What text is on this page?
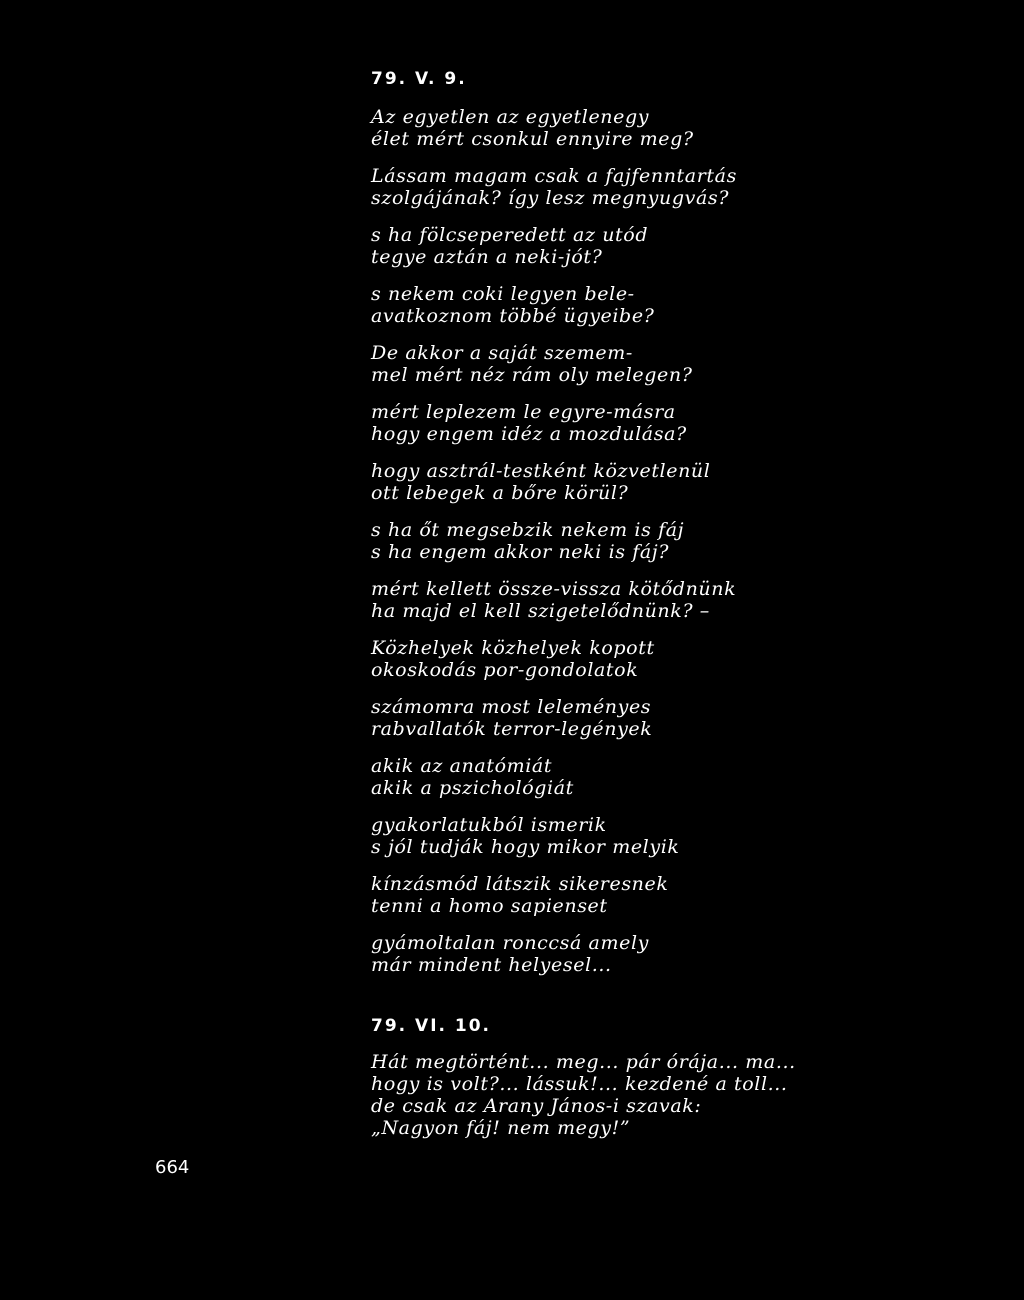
79. V. 9.
Az egyetlen az egyetlenegy
élet mért csonkul ennyire meg?
Lássam magam csak a fajfenntartás
szolgájának? így lesz megnyugvás?
s ha fölcseperedett az utód
tegye aztán a neki-jót?
s nekem coki legyen bele-
avatkoznom többé ügyeibe?
De akkor a saját szemem-
mel mért néz rám oly melegen?
mért leplezem le egyre-másra
hogy engem idéz a mozdulása?
hogy asztrál-testként közvetlenül
ott lebegek a bőre körül?
s ha őt megsebzik nekem is fáj
s ha engem akkor neki is fáj?
mért kellett össze-vissza kötődnünk
ha majd el kell szigetelődnünk? –
Közhelyek közhelyek kopott
okoskodás por-gondolatok
számomra most leleményes
rabvallatók terror-legények
akik az anatómiát
akik a pszichológiát
gyakorlatukból ismerik
s jól tudják hogy mikor melyik
kínzásmód látszik sikeresnek
tenni a homo sapienset
gyámoltalan ronccsá amely
már mindent helyesel...
79. VI. 10.
Hát megtörtént... meg... pár órája... ma...
hogy is volt?... lássuk!... kezdené a toll...
de csak az Arany János-i szavak:
„Nagyon fáj! nem megy!”
664
